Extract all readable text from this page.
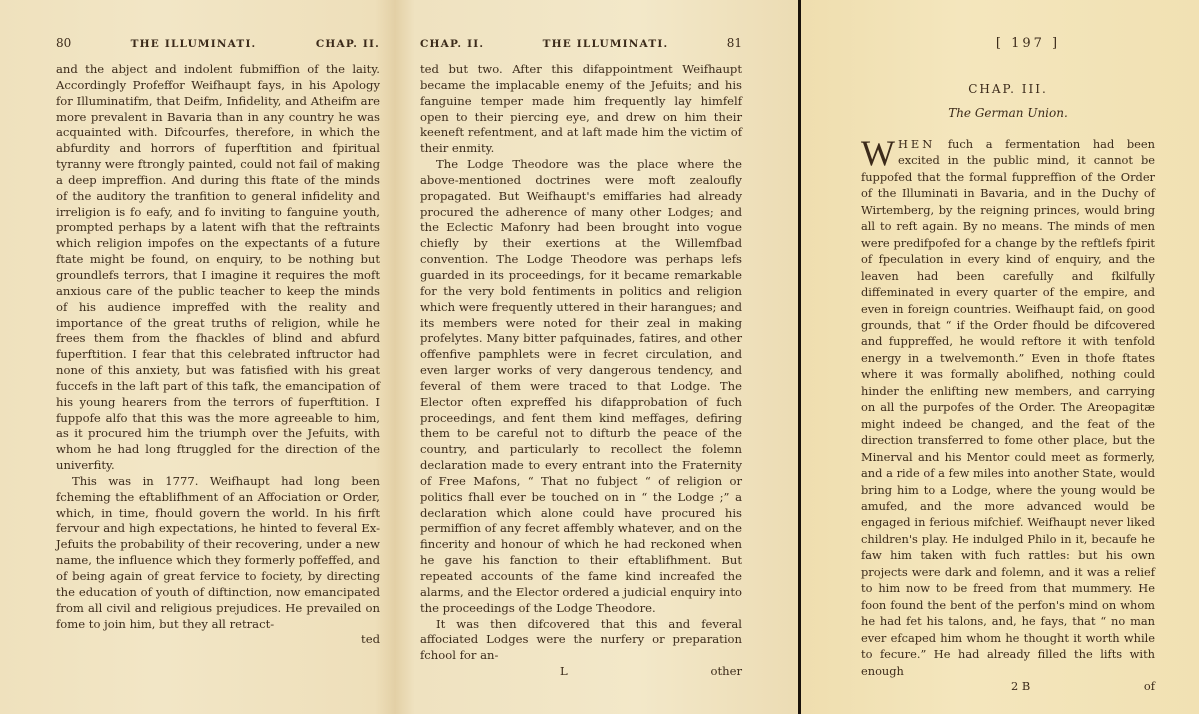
80	THE ILLUMINATI.	CHAP. II.

and the abject and indolent fubmiffion of the laity. Accordingly Profeffor Weifhaupt fays, in his Apology for Illuminatifm, that Deifm, Infidelity, and Atheifm are more prevalent in Bavaria than in any country he was acquainted with. Difcourfes, therefore, in which the abfurdity and horrors of fuperftition and fpiritual tyranny were ftrongly painted, could not fail of making a deep impreffion. And during this ftate of the minds of the auditory the tranfition to general infidelity and irreligion is fo eafy, and fo inviting to fanguine youth, prompted perhaps by a latent wifh that the reftraints which religion impofes on the expectants of a future ftate might be found, on enquiry, to be nothing but groundlefs terrors, that I imagine it requires the moft anxious care of the public teacher to keep the minds of his audience impreffed with the reality and importance of the great truths of religion, while he frees them from the fhackles of blind and abfurd fuperftition. I fear that this celebrated inftructor had none of this anxiety, but was fatisfied with his great fuccefs in the laft part of this tafk, the emancipation of his young hearers from the terrors of fuperftition. I fuppofe alfo that this was the more agreeable to him, as it procured him the triumph over the Jefuits, with whom he had long ftruggled for the direction of the univerfity.

This was in 1777. Weifhaupt had long been fcheming the eftablifhment of an Affociation or Order, which, in time, fhould govern the world. In his firft fervour and high expectations, he hinted to feveral Ex-Jefuits the probability of their recovering, under a new name, the influence which they formerly poffeffed, and of being again of great fervice to fociety, by directing the education of youth of diftinction, now emancipated from all civil and religious prejudices. He prevailed on fome to join him, but they all retract-

ted
CHAP. II.	THE ILLUMINATI.	81

ted but two. After this difappointment Weifhaupt became the implacable enemy of the Jefuits; and his fanguine temper made him frequently lay himfelf open to their piercing eye, and drew on him their keeneft refentment, and at laft made him the victim of their enmity.

The Lodge Theodore was the place where the above-mentioned doctrines were moft zealoufly propagated. But Weifhaupt's emiffaries had already procured the adherence of many other Lodges; and the Eclectic Mafonry had been brought into vogue chiefly by their exertions at the Willemfbad convention. The Lodge Theodore was perhaps lefs guarded in its proceedings, for it became remarkable for the very bold fentiments in politics and religion which were frequently uttered in their harangues; and its members were noted for their zeal in making profelytes. Many bitter pafquinades, fatires, and other offenfive pamphlets were in fecret circulation, and even larger works of very dangerous tendency, and feveral of them were traced to that Lodge. The Elector often expreffed his difapprobation of fuch proceedings, and fent them kind meffages, defiring them to be careful not to difturb the peace of the country, and particularly to recollect the folemn declaration made to every entrant into the Fraternity of Free Mafons, “ That no fubject “ of religion or politics fhall ever be touched on in “ the Lodge ;” a declaration which alone could have procured his permiffion of any fecret affembly whatever, and on the fincerity and honour of which he had reckoned when he gave his fanction to their eftablifhment. But repeated accounts of the fame kind increafed the alarms, and the Elector ordered a judicial enquiry into the proceedings of the Lodge Theodore.

It was then difcovered that this and feveral affociated Lodges were the nurfery or preparation fchool for an-

L	other
[ 197 ]
CHAP. III.
The German Union.

WHEN fuch a fermentation had been excited in the public mind, it cannot be fuppofed that the formal fuppreffion of the Order of the Illuminati in Bavaria, and in the Duchy of Wirtemberg, by the reigning princes, would bring all to reft again. By no means. The minds of men were predifpofed for a change by the reftlefs fpirit of fpeculation in every kind of enquiry, and the leaven had been carefully and fkilfully diffeminated in every quarter of the empire, and even in foreign countries. Weifhaupt faid, on good grounds, that “ if the Order fhould be difcovered and fuppreffed, he would reftore it with tenfold energy in a twelvemonth.” Even in thofe ftates where it was formally abolifhed, nothing could hinder the enlifting new members, and carrying on all the purpofes of the Order. The Areopagitæ might indeed be changed, and the feat of the direction transferred to fome other place, but the Minerval and his Mentor could meet as formerly, and a ride of a few miles into another State, would bring him to a Lodge, where the young would be amufed, and the more advanced would be engaged in ferious mifchief. Weifhaupt never liked children's play. He indulged Philo in it, becaufe he faw him taken with fuch rattles: but his own projects were dark and folemn, and it was a relief to him now to be freed from that mummery. He foon found the bent of the perfon's mind on whom he had fet his talons, and, he fays, that “ no man ever efcaped him whom he thought it worth while to fecure.” He had already filled the lifts with enough

2 B	of
